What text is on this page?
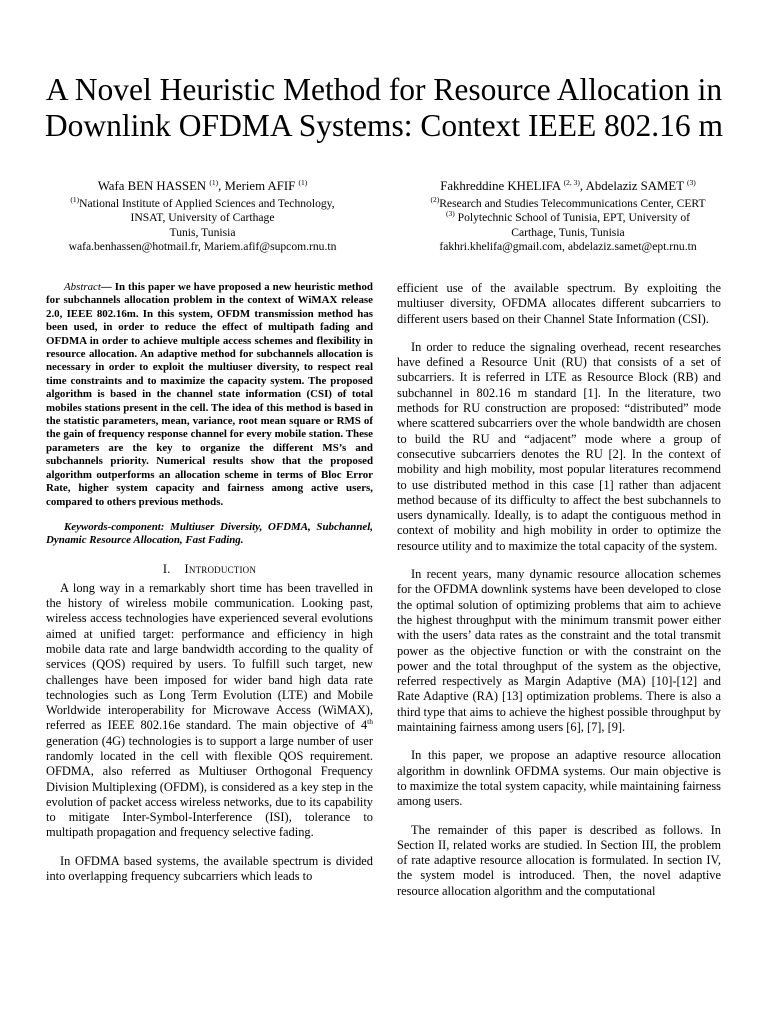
A Novel Heuristic Method for Resource Allocation in Downlink OFDMA Systems: Context IEEE 802.16 m
Wafa BEN HASSEN $^{(1)}$, Meriem AFIF $^{(1)}$
$^{(1)}$National Institute of Applied Sciences and Technology,
INSAT, University of Carthage
Tunis, Tunisia
wafa.benhassen@hotmail.fr, Mariem.afif@supcom.rnu.tn
Fakhreddine KHELIFA $^{(2, 3)}$, Abdelaziz SAMET $^{(3)}$
$^{(2)}$Research and Studies Telecommunications Center, CERT
$^{(3)}$ Polytechnic School of Tunisia, EPT, University of
Carthage, Tunis, Tunisia
fakhri.khelifa@gmail.com, abdelaziz.samet@ept.rnu.tn

Abstract— In this paper we have proposed a new heuristic method for subchannels allocation problem in the context of WiMAX release 2.0, IEEE 802.16m. In this system, OFDM transmission method has been used, in order to reduce the effect of multipath fading and OFDMA in order to achieve multiple access schemes and flexibility in resource allocation. An adaptive method for subchannels allocation is necessary in order to exploit the multiuser diversity, to respect real time constraints and to maximize the capacity system. The proposed algorithm is based in the channel state information (CSI) of total mobiles stations present in the cell. The idea of this method is based in the statistic parameters, mean, variance, root mean square or RMS of the gain of frequency response channel for every mobile station. These parameters are the key to organize the different MS’s and subchannels priority. Numerical results show that the proposed algorithm outperforms an allocation scheme in terms of Bloc Error Rate, higher system capacity and fairness among active users, compared to others previous methods.

Keywords-component: Multiuser Diversity, OFDMA, Subchannel, Dynamic Resource Allocation, Fast Fading.

I. Introduction

A long way in a remarkably short time has been travelled in the history of wireless mobile communication. Looking past, wireless access technologies have experienced several evolutions aimed at unified target: performance and efficiency in high mobile data rate and large bandwidth according to the quality of services (QOS) required by users. To fulfill such target, new challenges have been imposed for wider band high data rate technologies such as Long Term Evolution (LTE) and Mobile Worldwide interoperability for Microwave Access (WiMAX), referred as IEEE 802.16e standard. The main objective of 4th generation (4G) technologies is to support a large number of user randomly located in the cell with flexible QOS requirement. OFDMA, also referred as Multiuser Orthogonal Frequency Division Multiplexing (OFDM), is considered as a key step in the evolution of packet access wireless networks, due to its capability to mitigate Inter-Symbol-Interference (ISI), tolerance to multipath propagation and frequency selective fading.

In OFDMA based systems, the available spectrum is divided into overlapping frequency subcarriers which leads to

efficient use of the available spectrum. By exploiting the multiuser diversity, OFDMA allocates different subcarriers to different users based on their Channel State Information (CSI).

In order to reduce the signaling overhead, recent researches have defined a Resource Unit (RU) that consists of a set of subcarriers. It is referred in LTE as Resource Block (RB) and subchannel in 802.16 m standard [1]. In the literature, two methods for RU construction are proposed: “distributed” mode where scattered subcarriers over the whole bandwidth are chosen to build the RU and “adjacent” mode where a group of consecutive subcarriers denotes the RU [2]. In the context of mobility and high mobility, most popular literatures recommend to use distributed method in this case [1] rather than adjacent method because of its difficulty to affect the best subchannels to users dynamically. Ideally, is to adapt the contiguous method in context of mobility and high mobility in order to optimize the resource utility and to maximize the total capacity of the system.

In recent years, many dynamic resource allocation schemes for the OFDMA downlink systems have been developed to close the optimal solution of optimizing problems that aim to achieve the highest throughput with the minimum transmit power either with the users’ data rates as the constraint and the total transmit power as the objective function or with the constraint on the power and the total throughput of the system as the objective, referred respectively as Margin Adaptive (MA) [10]-[12] and Rate Adaptive (RA) [13] optimization problems. There is also a third type that aims to achieve the highest possible throughput by maintaining fairness among users [6], [7], [9].

In this paper, we propose an adaptive resource allocation algorithm in downlink OFDMA systems. Our main objective is to maximize the total system capacity, while maintaining fairness among users.

The remainder of this paper is described as follows. In Section II, related works are studied. In Section III, the problem of rate adaptive resource allocation is formulated. In section IV, the system model is introduced. Then, the novel adaptive resource allocation algorithm and the computational
